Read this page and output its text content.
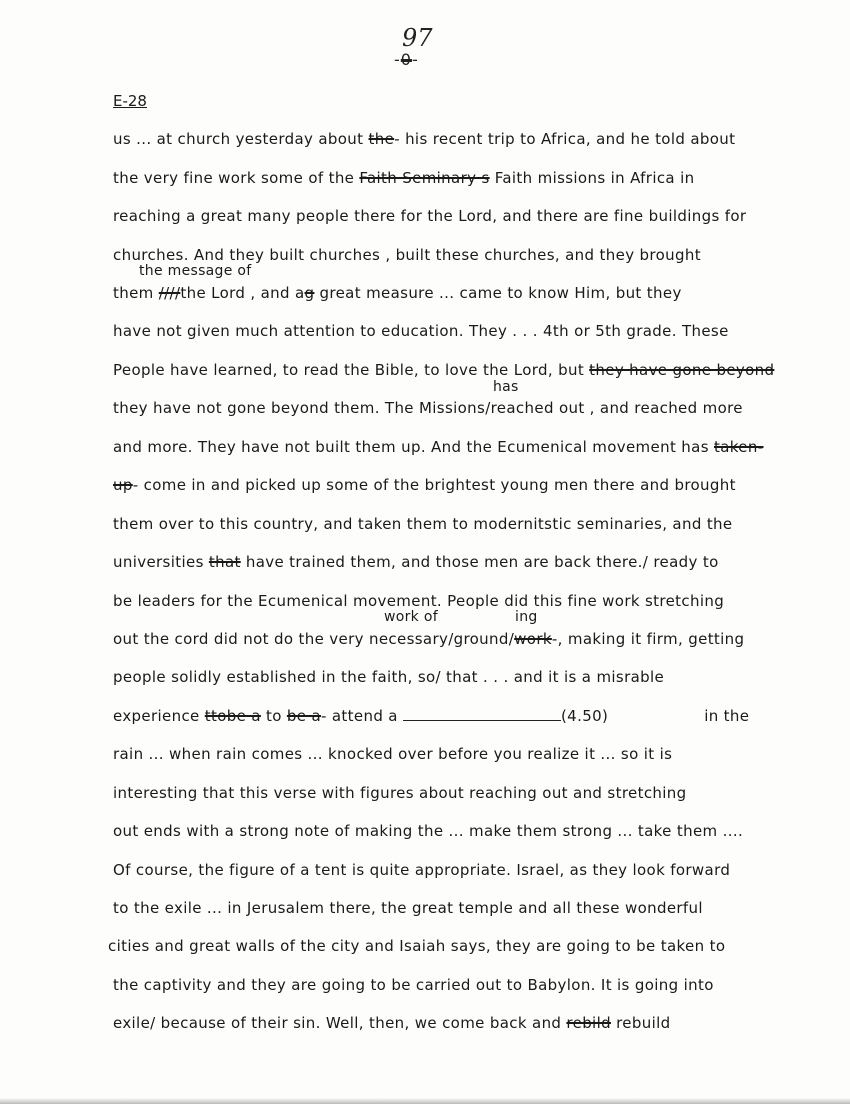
97
-0-
E-28
the message of
has
work of	ing
us ... at church yesterday about the- his recent trip to Africa, and he told about
the very fine work some of the Faith Seminary s Faith missions in Africa in
reaching a great many people there for the Lord, and there are fine buildings for
churches. And they built churches , built these churches, and they brought
them ////the Lord , and ag great measure ... came to know Him, but they
have not given much attention to education. They . . . 4th or 5th grade. These
People have learned, to read the Bible, to love the Lord, but they have gone beyond
they have not gone beyond them. The Missions/reached out , and reached more
and more. They have not built them up. And the Ecumenical movement has taken-
up- come in and picked up some of the brightest young men there and brought
them over to this country, and taken them to modernitstic seminaries, and the
universities that have trained them, and those men are back there./ ready to
be leaders for the Ecumenical movement. People did this fine work stretching
out the cord did not do the very necessary/ground/work-, making it firm, getting
people solidly established in the faith, so/ that . . . and it is a misrable
experience ttobe a to be a- attend a	(4.50)	in the
rain ... when rain comes ... knocked over before you realize it ... so it is
interesting that this verse with figures about reaching out and stretching
out ends with a strong note of making the ... make them strong ... take them ....
Of course, the figure of a tent is quite appropriate. Israel, as they look forward
to the exile ... in Jerusalem there, the great temple and all these wonderful
cities and great walls of the city and Isaiah says, they are going to be taken to
the captivity and they are going to be carried out to Babylon. It is going into
exile/ because of their sin. Well, then, we come back and rebild rebuild
